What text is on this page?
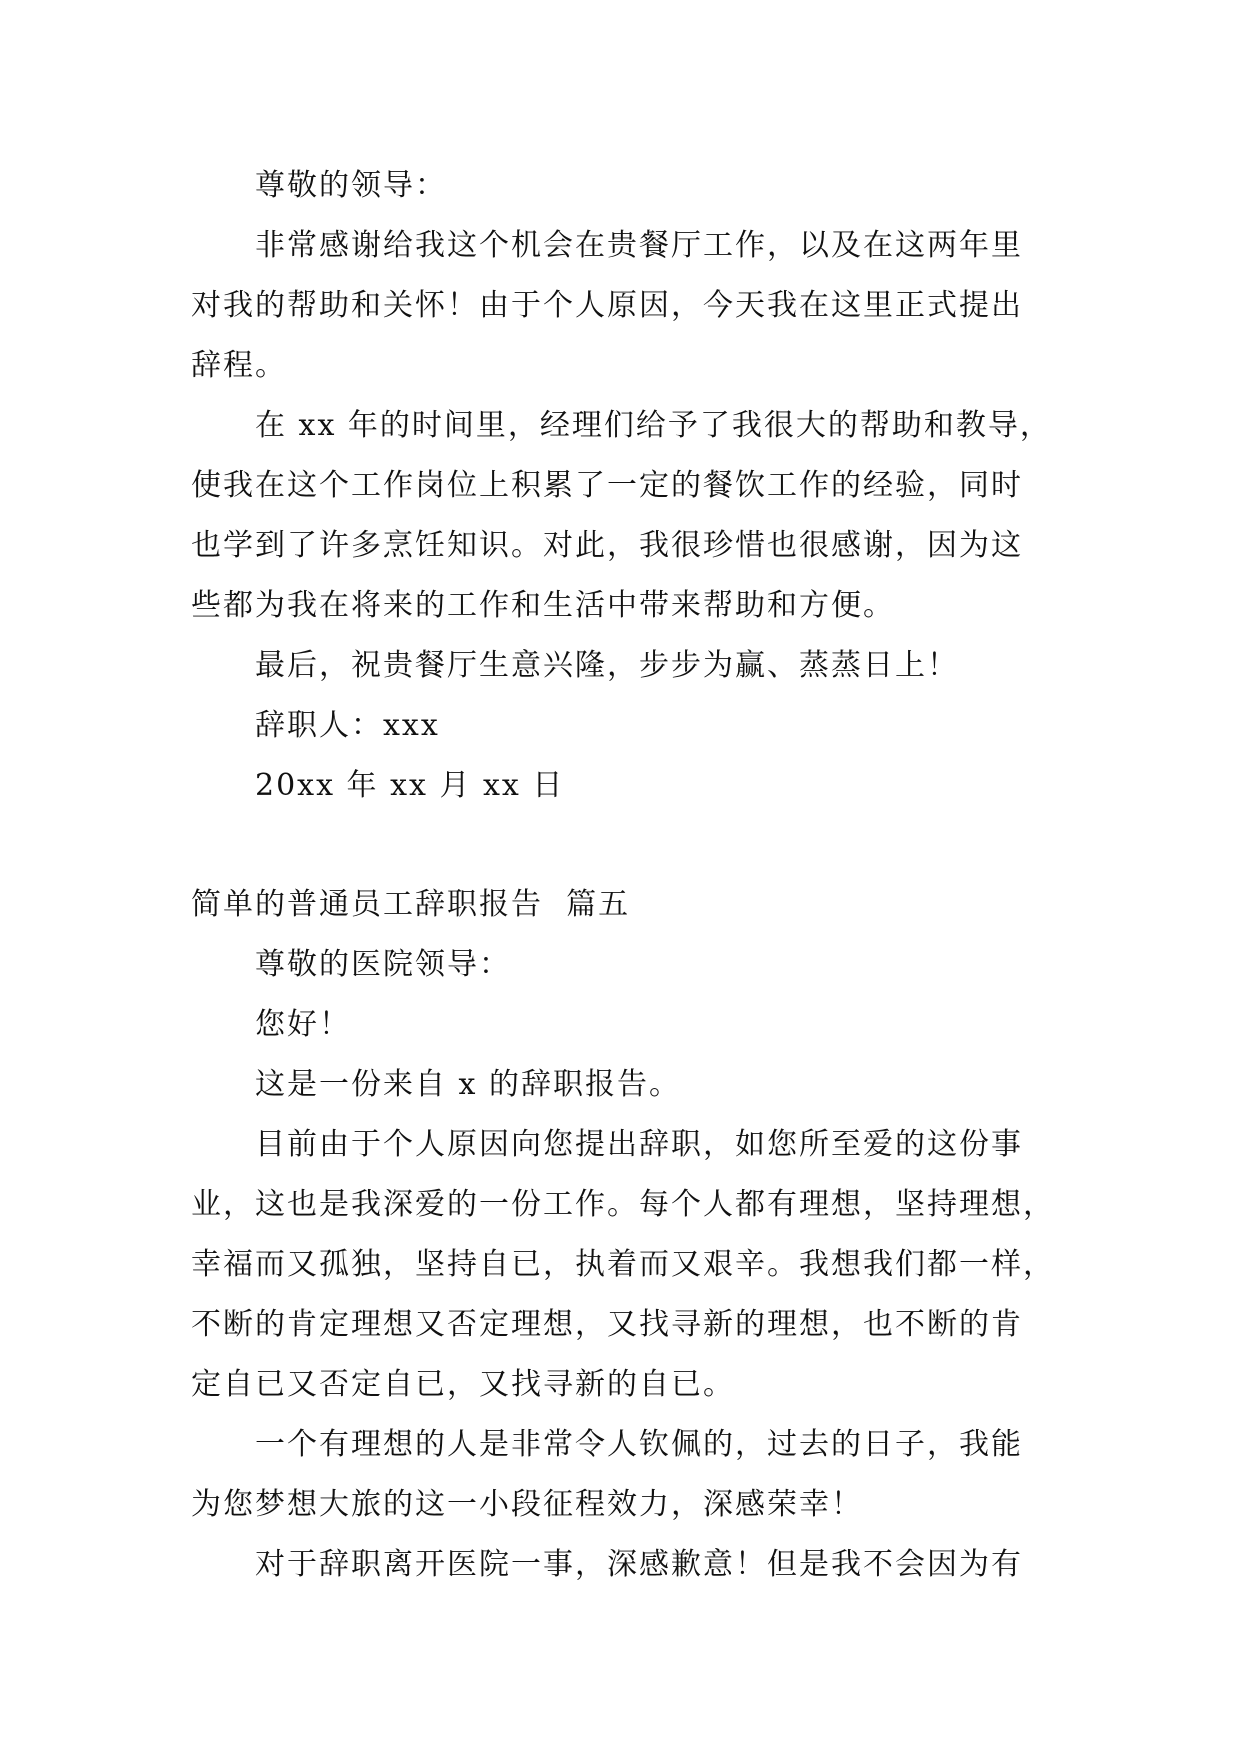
尊敬的领导：
非常感谢给我这个机会在贵餐厅工作，以及在这两年里
对我的帮助和关怀！由于个人原因，今天我在这里正式提出
辞程。
在 xx 年的时间里，经理们给予了我很大的帮助和教导，
使我在这个工作岗位上积累了一定的餐饮工作的经验，同时
也学到了许多烹饪知识。对此，我很珍惜也很感谢，因为这
些都为我在将来的工作和生活中带来帮助和方便。
最后，祝贵餐厅生意兴隆，步步为赢、蒸蒸日上！
辞职人：xxx
20xx 年 xx 月 xx 日
简单的普通员工辞职报告  篇五
尊敬的医院领导：
您好！
这是一份来自 x 的辞职报告。
目前由于个人原因向您提出辞职，如您所至爱的这份事
业，这也是我深爱的一份工作。每个人都有理想，坚持理想，
幸福而又孤独，坚持自已，执着而又艰辛。我想我们都一样，
不断的肯定理想又否定理想，又找寻新的理想，也不断的肯
定自已又否定自已，又找寻新的自已。
一个有理想的人是非常令人钦佩的，过去的日子，我能
为您梦想大旅的这一小段征程效力，深感荣幸！
对于辞职离开医院一事，深感歉意！但是我不会因为有
